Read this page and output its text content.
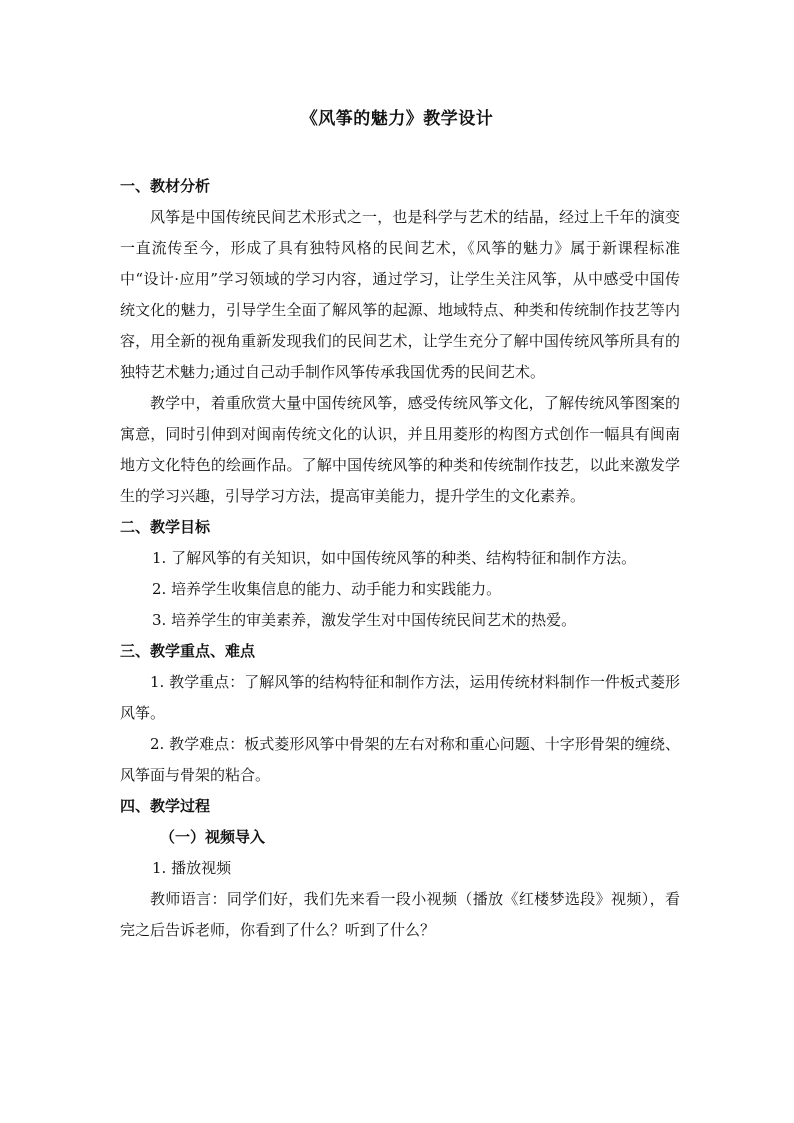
《风筝的魅力》教学设计

一、教材分析

风筝是中国传统民间艺术形式之一，也是科学与艺术的结晶，经过上千年的演变一直流传至今，形成了具有独特风格的民间艺术，《风筝的魅力》属于新课程标准中“设计·应用”学习领域的学习内容，通过学习，让学生关注风筝，从中感受中国传统文化的魅力，引导学生全面了解风筝的起源、地域特点、种类和传统制作技艺等内容，用全新的视角重新发现我们的民间艺术，让学生充分了解中国传统风筝所具有的独特艺术魅力;通过自己动手制作风筝传承我国优秀的民间艺术。

教学中，着重欣赏大量中国传统风筝，感受传统风筝文化，了解传统风筝图案的寓意，同时引伸到对闽南传统文化的认识，并且用菱形的构图方式创作一幅具有闽南地方文化特色的绘画作品。了解中国传统风筝的种类和传统制作技艺，以此来激发学生的学习兴趣，引导学习方法，提高审美能力，提升学生的文化素养。

二、教学目标

1. 了解风筝的有关知识，如中国传统风筝的种类、结构特征和制作方法。

2. 培养学生收集信息的能力、动手能力和实践能力。

3. 培养学生的审美素养，激发学生对中国传统民间艺术的热爱。

三、教学重点、难点

1. 教学重点：了解风筝的结构特征和制作方法，运用传统材料制作一件板式菱形风筝。

2. 教学难点：板式菱形风筝中骨架的左右对称和重心问题、十字形骨架的缠绕、风筝面与骨架的粘合。

四、教学过程

（一）视频导入

1. 播放视频

教师语言：同学们好，我们先来看一段小视频（播放《红楼梦选段》视频），看完之后告诉老师，你看到了什么？听到了什么？
